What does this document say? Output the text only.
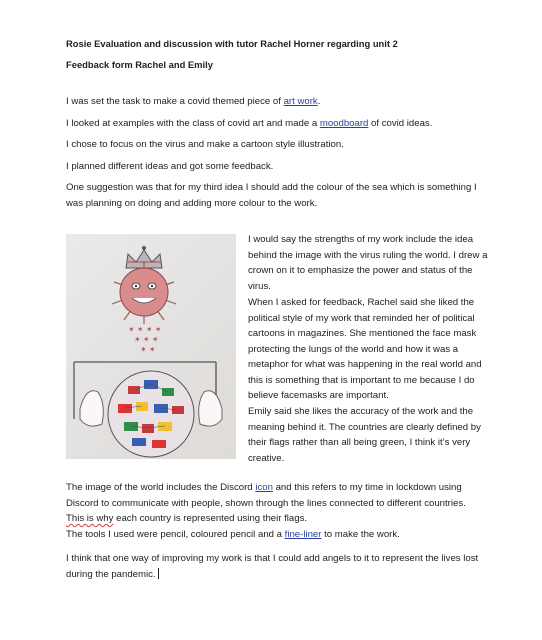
Rosie Evaluation and discussion with tutor Rachel Horner regarding unit 2
Feedback form Rachel and Emily
I was set the task to make a covid themed piece of art work.
I looked at examples with the class of covid art and made a moodboard of covid ideas.
I chose to focus on the virus and make a cartoon style illustration.
I planned different ideas and got some feedback.
One suggestion was that for my third idea I should add the colour of the sea which is something I was planning on doing and adding more colour to the work.
✶ ✶ ✶ ✶
✶ ✶ ✶
✶ ✶
I would say the strengths of my work include the idea behind the image with the virus ruling the world. I drew a crown on it to emphasize the power and status of the virus.
When I asked for feedback, Rachel said she liked the political style of my work that reminded her of political cartoons in magazines. She mentioned the face mask protecting the lungs of the world and how it was a metaphor for what was happening in the real world and this is something that is important to me because I do believe facemasks are important.
Emily said she likes the accuracy of the work and the meaning behind it. The countries are clearly defined by their flags rather than all being green, I think it’s very creative.
The image of the world includes the Discord icon and this refers to my time in lockdown using Discord to communicate with people, shown through the lines connected to different countries. This is why each country is represented using their flags.
The tools I used were pencil, coloured pencil and a fine-liner to make the work.
I think that one way of improving my work is that I could add angels to it to represent the lives lost during the pandemic.
